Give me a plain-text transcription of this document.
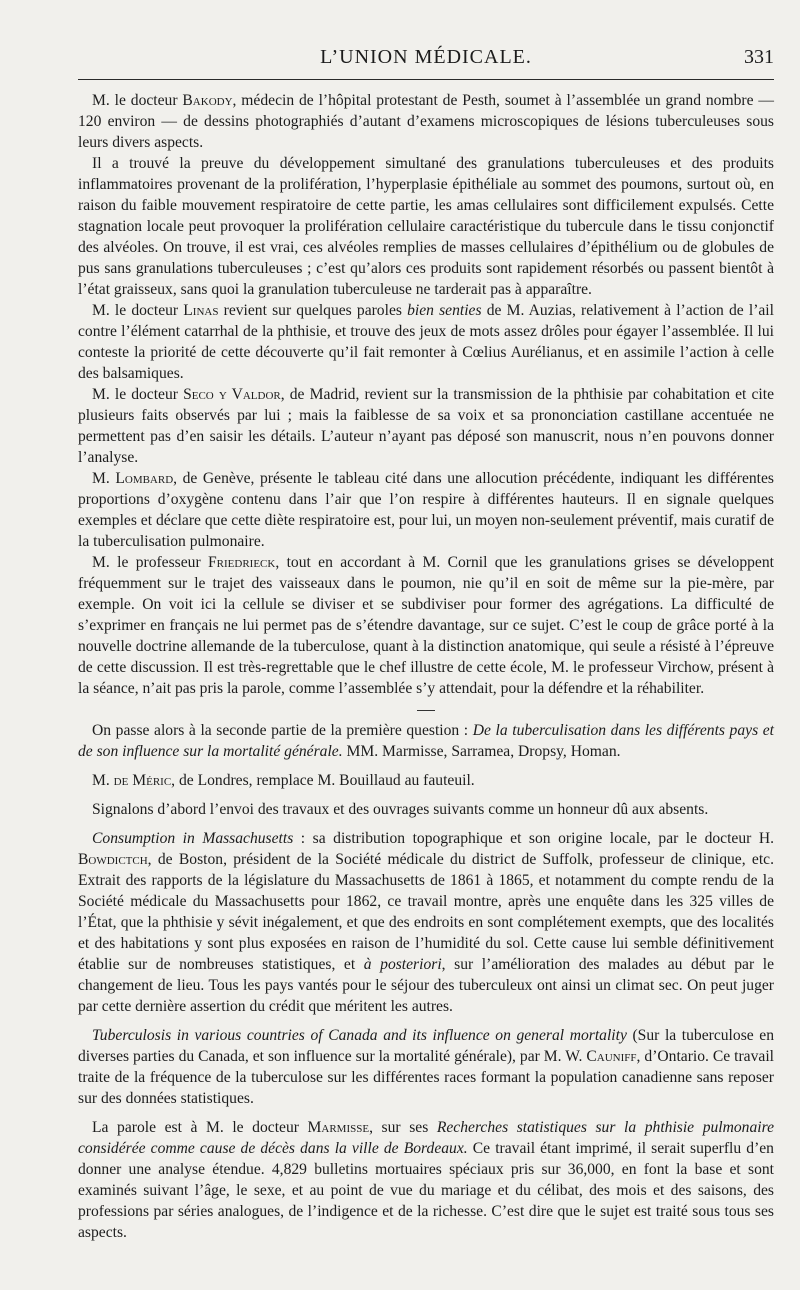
L’UNION MÉDICALE.	331

M. le docteur Bakody, médecin de l’hôpital protestant de Pesth, soumet à l’assemblée un grand nombre — 120 environ — de dessins photographiés d’autant d’examens microscopiques de lésions tuberculeuses sous leurs divers aspects.

Il a trouvé la preuve du développement simultané des granulations tuberculeuses et des produits inflammatoires provenant de la prolifération, l’hyperplasie épithéliale au sommet des poumons, surtout où, en raison du faible mouvement respiratoire de cette partie, les amas cellulaires sont difficilement expulsés. Cette stagnation locale peut provoquer la prolifération cellulaire caractéristique du tubercule dans le tissu conjonctif des alvéoles. On trouve, il est vrai, ces alvéoles remplies de masses cellulaires d’épithélium ou de globules de pus sans granulations tuberculeuses ; c’est qu’alors ces produits sont rapidement résorbés ou passent bientôt à l’état graisseux, sans quoi la granulation tuberculeuse ne tarderait pas à apparaître.

M. le docteur Linas revient sur quelques paroles bien senties de M. Auzias, relativement à l’action de l’ail contre l’élément catarrhal de la phthisie, et trouve des jeux de mots assez drôles pour égayer l’assemblée. Il lui conteste la priorité de cette découverte qu’il fait remonter à Cœlius Aurélianus, et en assimile l’action à celle des balsamiques.

M. le docteur Seco y Valdor, de Madrid, revient sur la transmission de la phthisie par cohabitation et cite plusieurs faits observés par lui ; mais la faiblesse de sa voix et sa prononciation castillane accentuée ne permettent pas d’en saisir les détails. L’auteur n’ayant pas déposé son manuscrit, nous n’en pouvons donner l’analyse.

M. Lombard, de Genève, présente le tableau cité dans une allocution précédente, indiquant les différentes proportions d’oxygène contenu dans l’air que l’on respire à différentes hauteurs. Il en signale quelques exemples et déclare que cette diète respiratoire est, pour lui, un moyen non-seulement préventif, mais curatif de la tuberculisation pulmonaire.

M. le professeur Friedrieck, tout en accordant à M. Cornil que les granulations grises se développent fréquemment sur le trajet des vaisseaux dans le poumon, nie qu’il en soit de même sur la pie-mère, par exemple. On voit ici la cellule se diviser et se subdiviser pour former des agrégations. La difficulté de s’exprimer en français ne lui permet pas de s’étendre davantage, sur ce sujet. C’est le coup de grâce porté à la nouvelle doctrine allemande de la tuberculose, quant à la distinction anatomique, qui seule a résisté à l’épreuve de cette discussion. Il est très-regrettable que le chef illustre de cette école, M. le professeur Virchow, présent à la séance, n’ait pas pris la parole, comme l’assemblée s’y attendait, pour la défendre et la réhabiliter.

On passe alors à la seconde partie de la première question : De la tuberculisation dans les différents pays et de son influence sur la mortalité générale. MM. Marmisse, Sarramea, Dropsy, Homan.

M. de Méric, de Londres, remplace M. Bouillaud au fauteuil.

Signalons d’abord l’envoi des travaux et des ouvrages suivants comme un honneur dû aux absents.

Consumption in Massachusetts : sa distribution topographique et son origine locale, par le docteur H. Bowdictch, de Boston, président de la Société médicale du district de Suffolk, professeur de clinique, etc. Extrait des rapports de la législature du Massachusetts de 1861 à 1865, et notamment du compte rendu de la Société médicale du Massachusetts pour 1862, ce travail montre, après une enquête dans les 325 villes de l’État, que la phthisie y sévit inégalement, et que des endroits en sont complétement exempts, que des localités et des habitations y sont plus exposées en raison de l’humidité du sol. Cette cause lui semble définitivement établie sur de nombreuses statistiques, et à posteriori, sur l’amélioration des malades au début par le changement de lieu. Tous les pays vantés pour le séjour des tuberculeux ont ainsi un climat sec. On peut juger par cette dernière assertion du crédit que méritent les autres.

Tuberculosis in various countries of Canada and its influence on general mortality (Sur la tuberculose en diverses parties du Canada, et son influence sur la mortalité générale), par M. W. Cauniff, d’Ontario. Ce travail traite de la fréquence de la tuberculose sur les différentes races formant la population canadienne sans reposer sur des données statistiques.

La parole est à M. le docteur Marmisse, sur ses Recherches statistiques sur la phthisie pulmonaire considérée comme cause de décès dans la ville de Bordeaux. Ce travail étant imprimé, il serait superflu d’en donner une analyse étendue. 4,829 bulletins mortuaires spéciaux pris sur 36,000, en font la base et sont examinés suivant l’âge, le sexe, et au point de vue du mariage et du célibat, des mois et des saisons, des professions par séries analogues, de l’indigence et de la richesse. C’est dire que le sujet est traité sous tous ses aspects.
